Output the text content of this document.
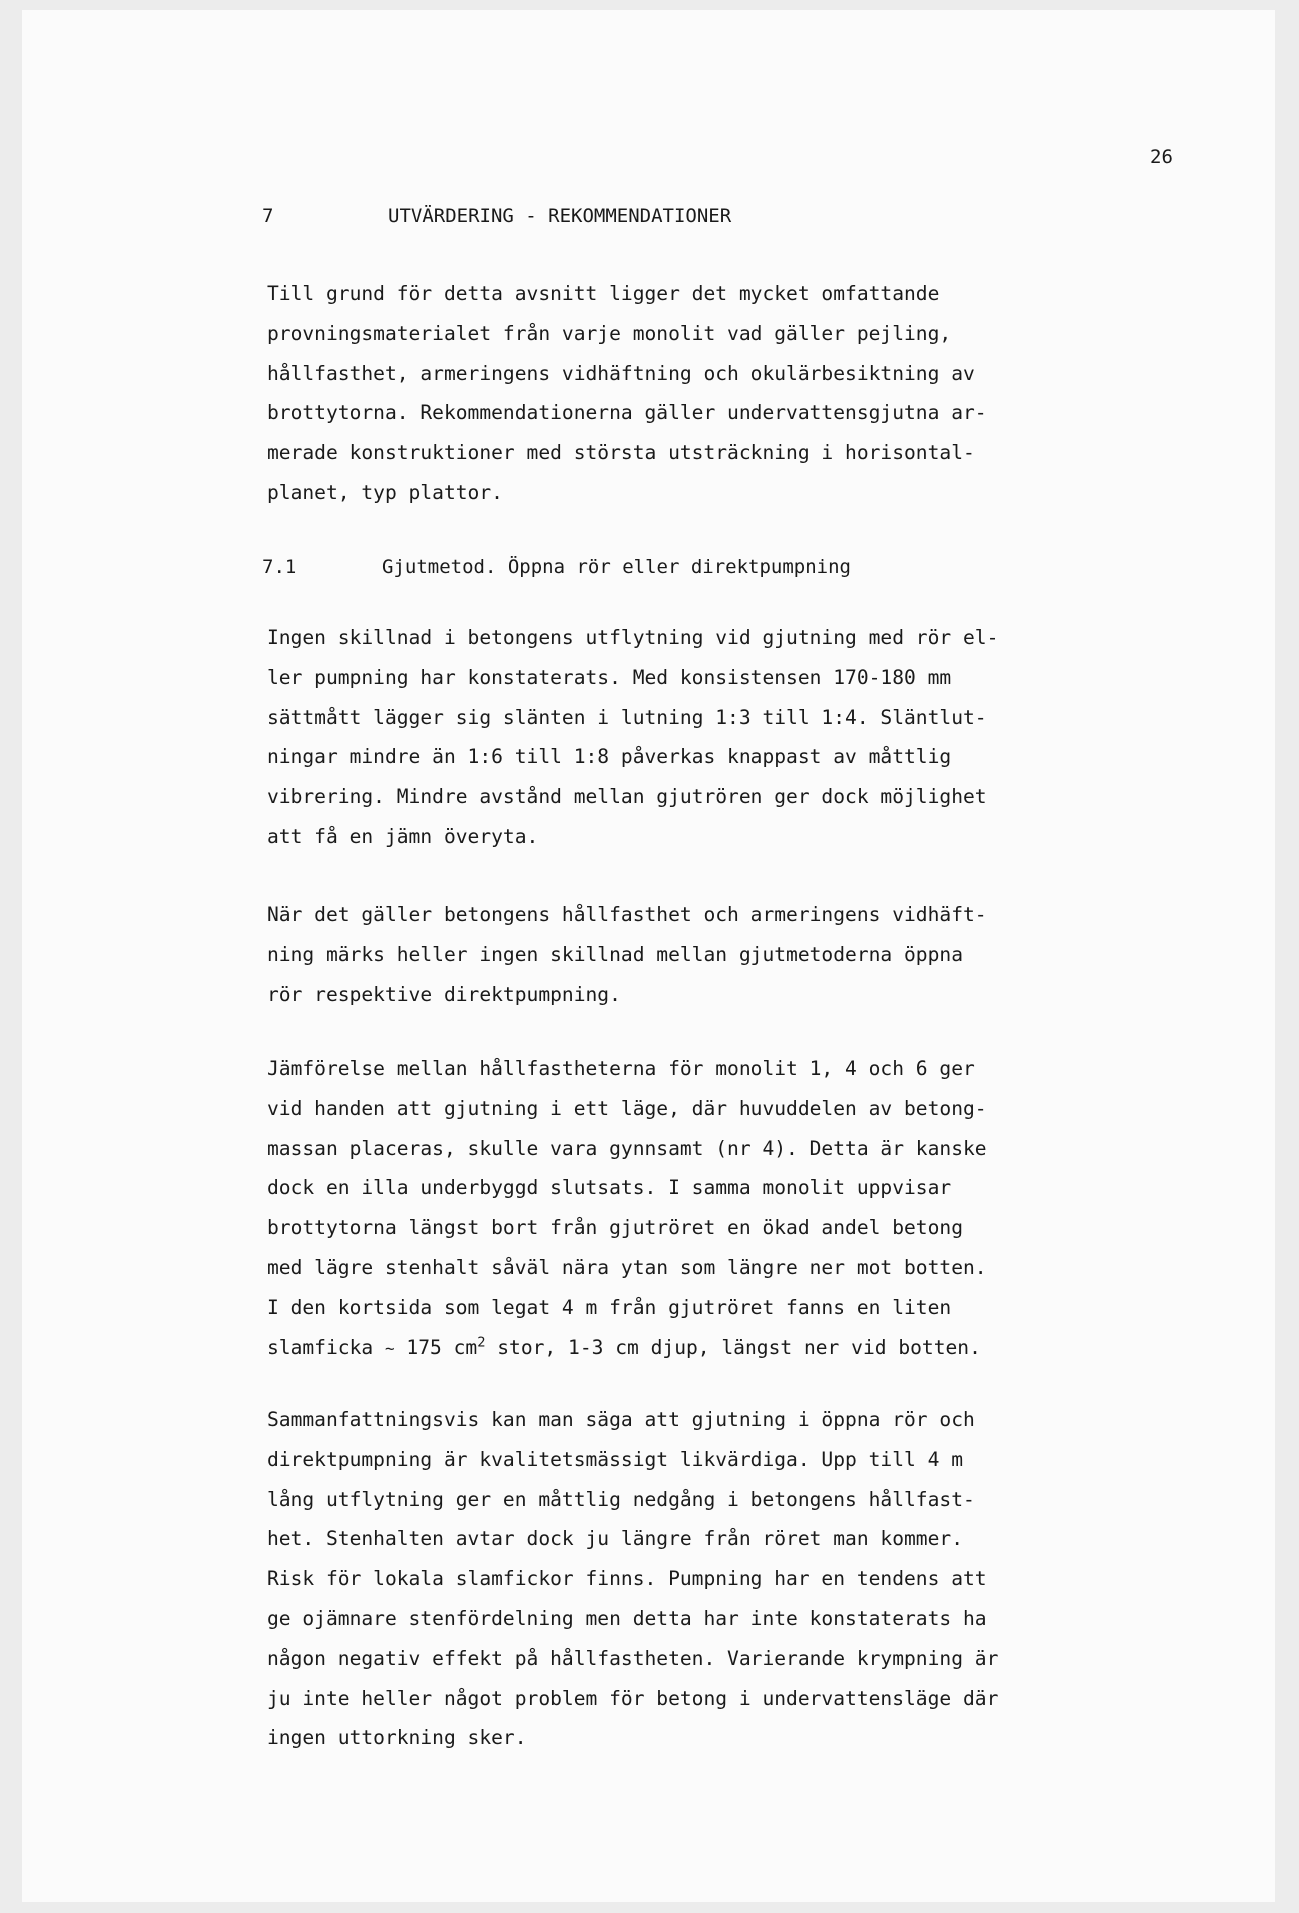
26

7

	UTVÄRDERING - REKOMMENDATIONER

Till grund för detta avsnitt ligger det mycket omfattande
provningsmaterialet från varje monolit vad gäller pejling,
hållfasthet, armeringens vidhäftning och okulärbesiktning av
brottytorna. Rekommendationerna gäller undervattensgjutna ar-
merade konstruktioner med största utsträckning i horisontal-
planet, typ plattor.

7.1

	Gjutmetod. Öppna rör eller direktpumpning

Ingen skillnad i betongens utflytning vid gjutning med rör el-
ler pumpning har konstaterats. Med konsistensen 170-180 mm
sättmått lägger sig slänten i lutning 1:3 till 1:4. Släntlut-
ningar mindre än 1:6 till 1:8 påverkas knappast av måttlig
vibrering. Mindre avstånd mellan gjutrören ger dock möjlighet
att få en jämn överyta.
När det gäller betongens hållfasthet och armeringens vidhäft-
ning märks heller ingen skillnad mellan gjutmetoderna öppna
rör respektive direktpumpning.
Jämförelse mellan hållfastheterna för monolit 1, 4 och 6 ger
vid handen att gjutning i ett läge, där huvuddelen av betong-
massan placeras, skulle vara gynnsamt (nr 4). Detta är kanske
dock en illa underbyggd slutsats. I samma monolit uppvisar
brottytorna längst bort från gjutröret en ökad andel betong
med lägre stenhalt såväl nära ytan som längre ner mot botten.
I den kortsida som legat 4 m från gjutröret fanns en liten
slamficka ~ 175 $cm^2$ stor, 1-3 cm djup, längst ner vid botten.
Sammanfattningsvis kan man säga att gjutning i öppna rör och
direktpumpning är kvalitetsmässigt likvärdiga. Upp till 4 m
lång utflytning ger en måttlig nedgång i betongens hållfast-
het. Stenhalten avtar dock ju längre från röret man kommer.
Risk för lokala slamfickor finns. Pumpning har en tendens att
ge ojämnare stenfördelning men detta har inte konstaterats ha
någon negativ effekt på hållfastheten. Varierande krympning är
ju inte heller något problem för betong i undervattensläge där
ingen uttorkning sker.
